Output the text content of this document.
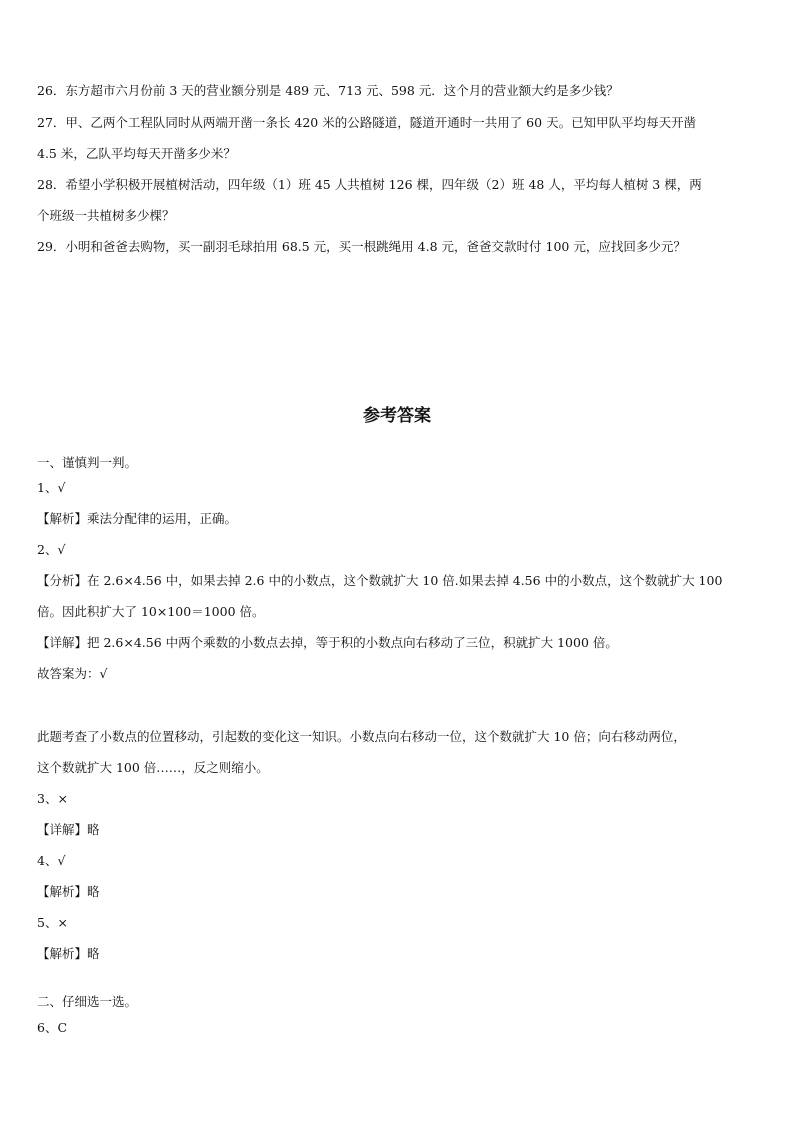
26．东方超市六月份前 3 天的营业额分别是 489 元、713 元、598 元．这个月的营业额大约是多少钱？
27．甲、乙两个工程队同时从两端开凿一条长 420 米的公路隧道，隧道开通时一共用了 60 天。已知甲队平均每天开凿
4.5 米，乙队平均每天开凿多少米？
28．希望小学积极开展植树活动，四年级（1）班 45 人共植树 126 棵，四年级（2）班 48 人，平均每人植树 3 棵，两
个班级一共植树多少棵？
29．小明和爸爸去购物，买一副羽毛球拍用 68.5 元，买一根跳绳用 4.8 元，爸爸交款时付 100 元，应找回多少元？
参考答案
一、谨慎判一判。
1、√
【解析】乘法分配律的运用，正确。
2、√
【分析】在 2.6×4.56 中，如果去掉 2.6 中的小数点，这个数就扩大 10 倍.如果去掉 4.56 中的小数点，这个数就扩大 100
倍。因此积扩大了 10×100＝1000 倍。
【详解】把 2.6×4.56 中两个乘数的小数点去掉，等于积的小数点向右移动了三位，积就扩大 1000 倍。
故答案为：√
此题考查了小数点的位置移动，引起数的变化这一知识。小数点向右移动一位，这个数就扩大 10 倍；向右移动两位，
这个数就扩大 100 倍……，反之则缩小。
3、×
【详解】略
4、√
【解析】略
5、×
【解析】略
二、仔细选一选。
6、C
